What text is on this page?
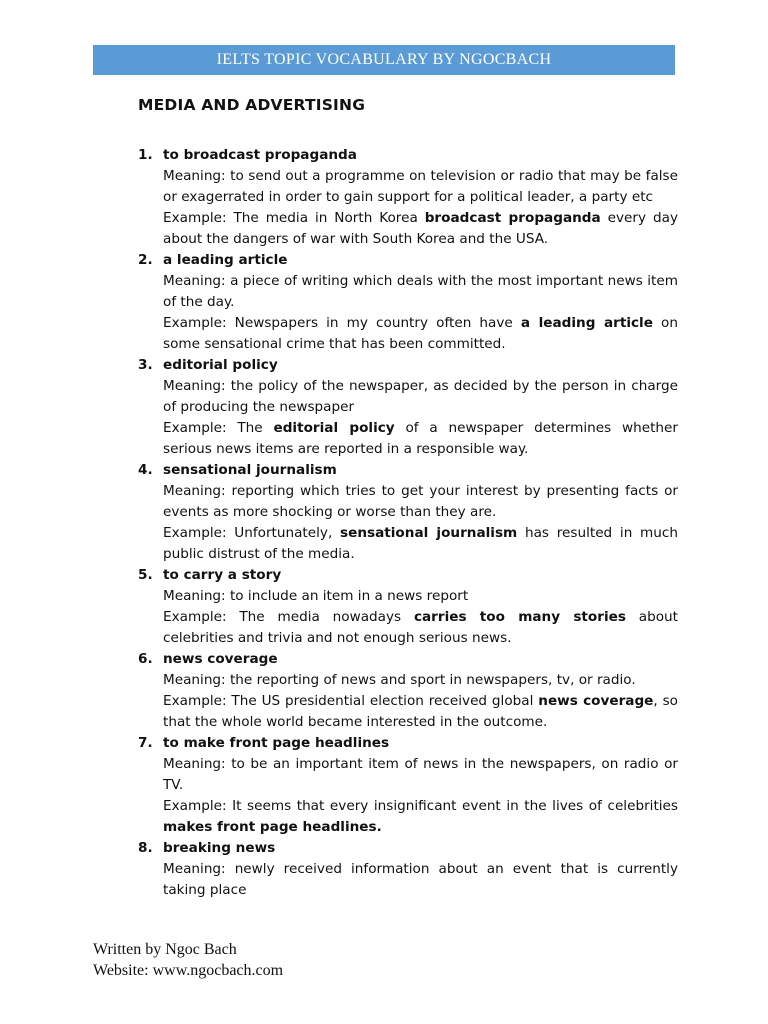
IELTS TOPIC VOCABULARY BY NGOCBACH
MEDIA AND ADVERTISING
1. to broadcast propaganda
Meaning: to send out a programme on television or radio that may be false or exagerrated in order to gain support for a political leader, a party etc
Example: The media in North Korea broadcast propaganda every day about the dangers of war with South Korea and the USA.
2. a leading article
Meaning: a piece of writing which deals with the most important news item of the day.
Example: Newspapers in my country often have a leading article on some sensational crime that has been committed.
3. editorial policy
Meaning: the policy of the newspaper, as decided by the person in charge of producing the newspaper
Example: The editorial policy of a newspaper determines whether serious news items are reported in a responsible way.
4. sensational journalism
Meaning: reporting which tries to get your interest by presenting facts or events as more shocking or worse than they are.
Example: Unfortunately, sensational journalism has resulted in much public distrust of the media.
5. to carry a story
Meaning: to include an item in a news report
Example: The media nowadays carries too many stories about celebrities and trivia and not enough serious news.
6. news coverage
Meaning: the reporting of news and sport in newspapers, tv, or radio.
Example: The US presidential election received global news coverage, so that the whole world became interested in the outcome.
7. to make front page headlines
Meaning: to be an important item of news in the newspapers, on radio or TV.
Example: It seems that every insignificant event in the lives of celebrities makes front page headlines.
8. breaking news
Meaning: newly received information about an event that is currently taking place
Written by Ngoc Bach
Website: www.ngocbach.com
